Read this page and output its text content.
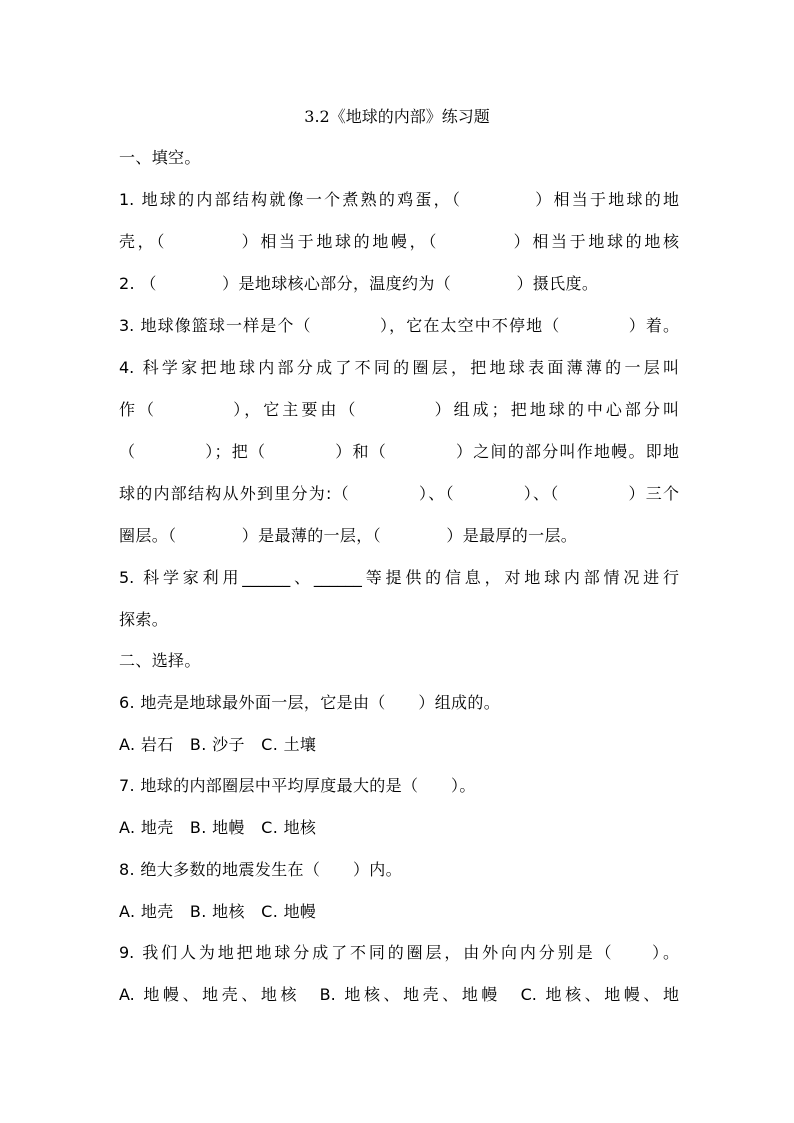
3.2《地球的内部》练习题
一、填空。
1. 地球的内部结构就像一个煮熟的鸡蛋，（　　　　）相当于地球的地
壳，（　　　　）相当于地球的地幔，（　　　　）相当于地球的地核
2. （　　　　）是地球核心部分，温度约为（　　　　）摄氏度。
3. 地球像篮球一样是个（　　　　），它在太空中不停地（　　　　）着。
4. 科学家把地球内部分成了不同的圈层，把地球表面薄薄的一层叫
作（　　　　），它主要由（　　　　）组成；把地球的中心部分叫
（　　　　）；把（　　　　）和（　　　　）之间的部分叫作地幔。即地
球的内部结构从外到里分为:（　　　　）、（　　　　）、（　　　　）三个
圈层。（　　　　）是最薄的一层，（　　　　）是最厚的一层。
5. 科学家利用______、______等提供的信息，对地球内部情况进行
探索。
二、选择。
6. 地壳是地球最外面一层，它是由（　　）组成的。
A. 岩石　B. 沙子　C. 土壤
7. 地球的内部圈层中平均厚度最大的是（　　）。
A. 地壳　B. 地幔　C. 地核
8. 绝大多数的地震发生在（　　）内。
A. 地壳　B. 地核　C. 地幔
9. 我们人为地把地球分成了不同的圈层，由外向内分别是（　　）。
A. 地幔、地壳、地核　B. 地核、地壳、地幔　C. 地核、地幔、地
